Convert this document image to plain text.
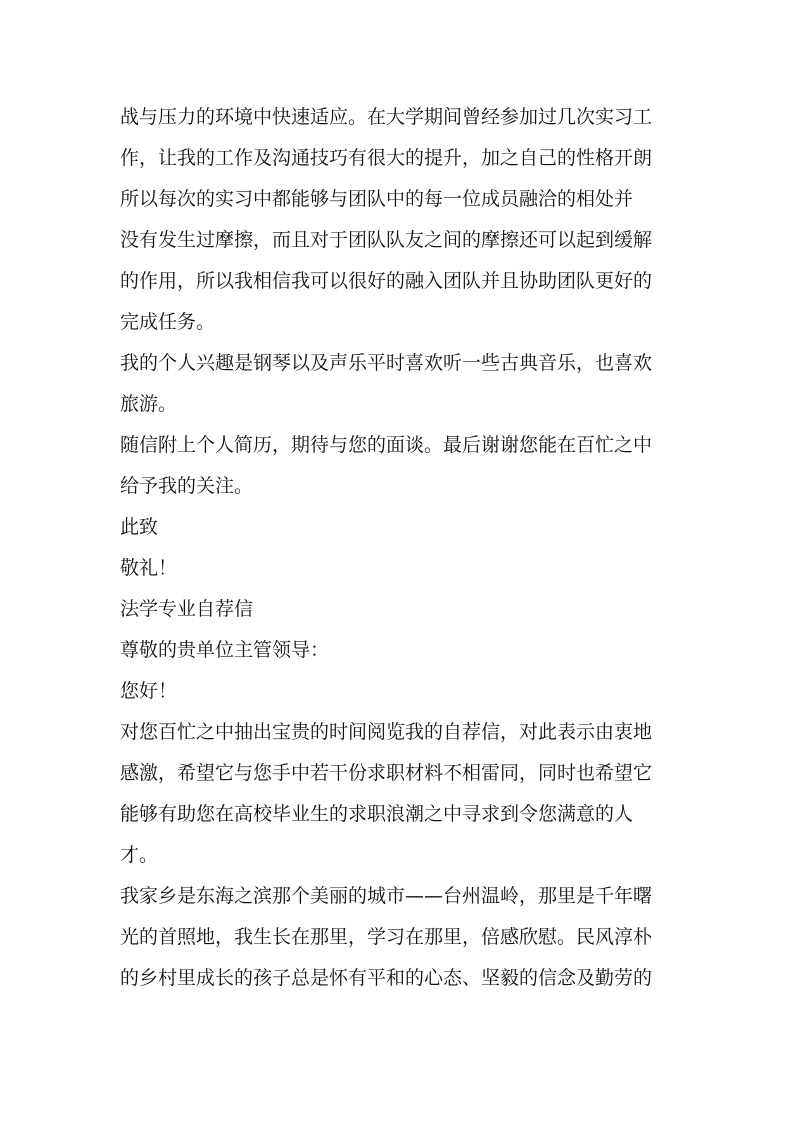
战与压力的环境中快速适应。在大学期间曾经参加过几次实习工
作，让我的工作及沟通技巧有很大的提升，加之自己的性格开朗
所以每次的实习中都能够与团队中的每一位成员融洽的相处并
没有发生过摩擦，而且对于团队队友之间的摩擦还可以起到缓解
的作用，所以我相信我可以很好的融入团队并且协助团队更好的
完成任务。
我的个人兴趣是钢琴以及声乐平时喜欢听一些古典音乐，也喜欢
旅游。
随信附上个人简历，期待与您的面谈。最后谢谢您能在百忙之中
给予我的关注。
此致
敬礼！
法学专业自荐信
尊敬的贵单位主管领导：
您好！
对您百忙之中抽出宝贵的时间阅览我的自荐信，对此表示由衷地
感激，希望它与您手中若干份求职材料不相雷同，同时也希望它
能够有助您在高校毕业生的求职浪潮之中寻求到令您满意的人
才。
我家乡是东海之滨那个美丽的城市——台州温岭，那里是千年曙
光的首照地，我生长在那里，学习在那里，倍感欣慰。民风淳朴
的乡村里成长的孩子总是怀有平和的心态、坚毅的信念及勤劳的
